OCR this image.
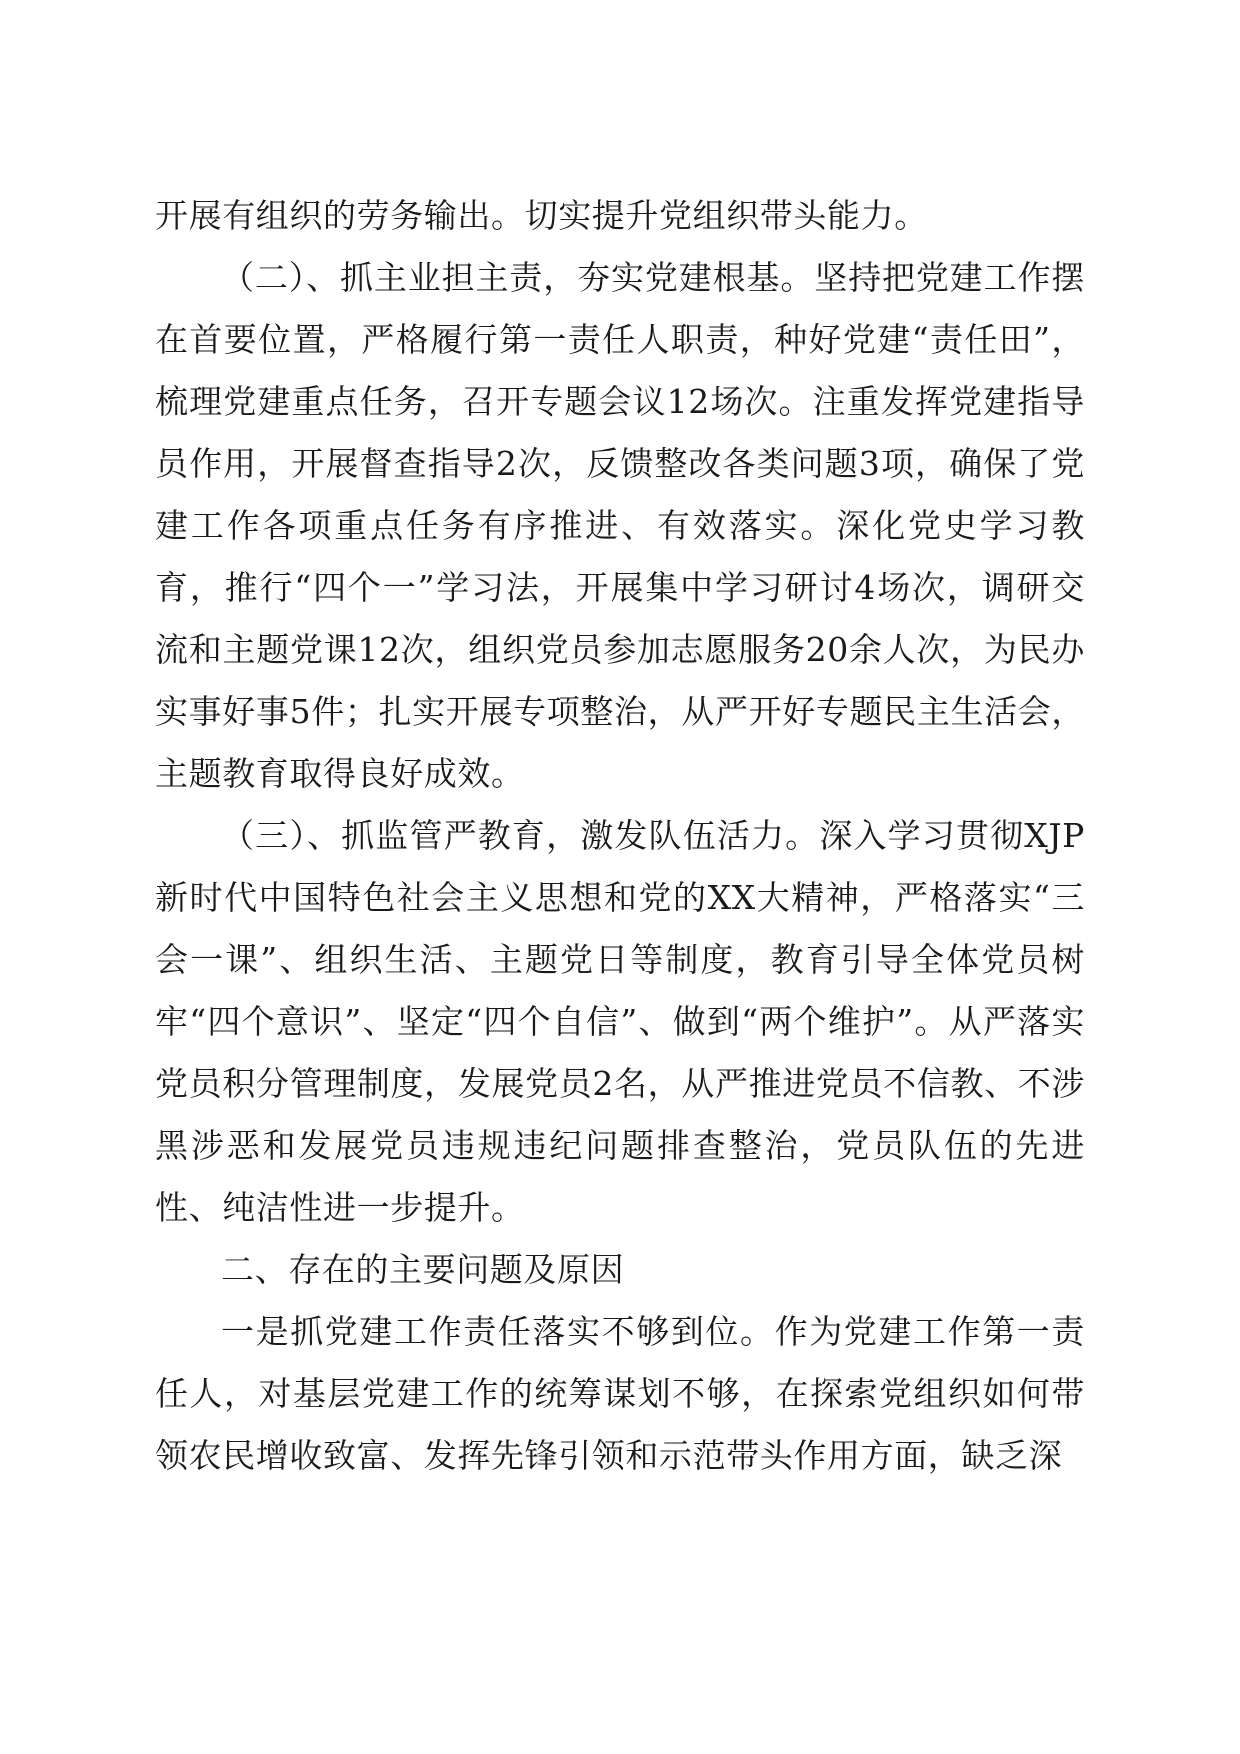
开展有组织的劳务输出。切实提升党组织带头能力。

（二）、抓主业担主责，夯实党建根基。坚持把党建工作摆在首要位置，严格履行第一责任人职责，种好党建“责任田”，梳理党建重点任务，召开专题会议12场次。注重发挥党建指导员作用，开展督查指导2次，反馈整改各类问题3项，确保了党建工作各项重点任务有序推进、有效落实。深化党史学习教育，推行“四个一”学习法，开展集中学习研讨4场次，调研交流和主题党课12次，组织党员参加志愿服务20余人次，为民办实事好事5件；扎实开展专项整治，从严开好专题民主生活会，主题教育取得良好成效。

（三）、抓监管严教育，激发队伍活力。深入学习贯彻XJP新时代中国特色社会主义思想和党的XX大精神，严格落实“三会一课”、组织生活、主题党日等制度，教育引导全体党员树牢“四个意识”、坚定“四个自信”、做到“两个维护”。从严落实党员积分管理制度，发展党员2名，从严推进党员不信教、不涉黑涉恶和发展党员违规违纪问题排查整治，党员队伍的先进性、纯洁性进一步提升。

二、存在的主要问题及原因

一是抓党建工作责任落实不够到位。作为党建工作第一责任人，对基层党建工作的统筹谋划不够，在探索党组织如何带领农民增收致富、发挥先锋引领和示范带头作用方面，缺乏深
